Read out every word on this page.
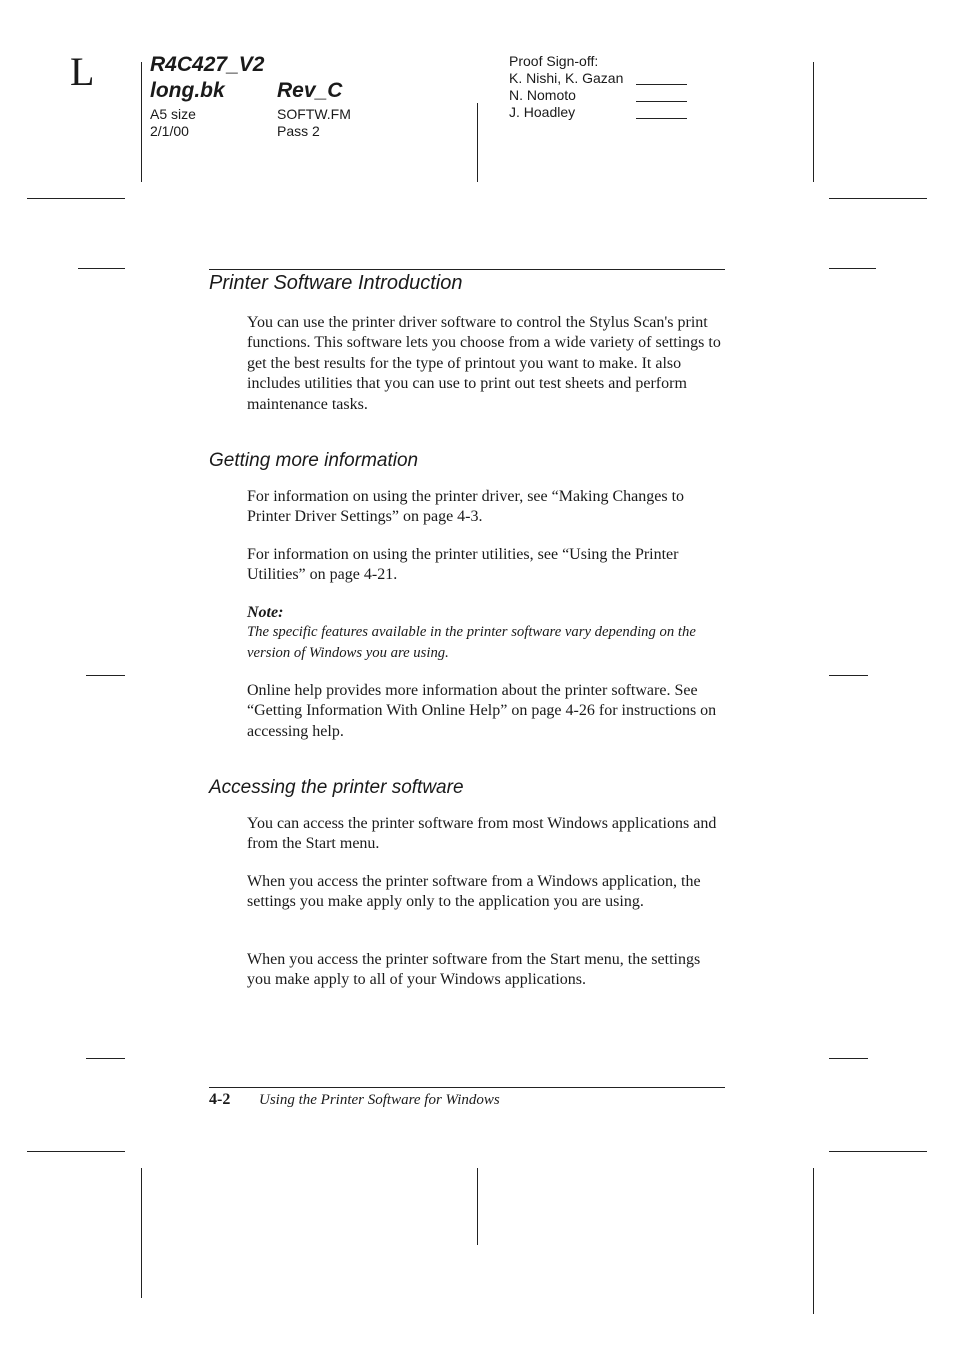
L	R4C427_V2
long.bk Rev_C
A5 size
2/1/00
SOFTW.FM
Pass 2
Proof Sign-off:
K. Nishi, K. Gazan
N. Nomoto
J. Hoadley
Printer Software Introduction
You can use the printer driver software to control the Stylus Scan's print functions. This software lets you choose from a wide variety of settings to get the best results for the type of printout you want to make. It also includes utilities that you can use to print out test sheets and perform maintenance tasks.
Getting more information
For information on using the printer driver, see “Making Changes to Printer Driver Settings” on page 4-3.
For information on using the printer utilities, see “Using the Printer Utilities” on page 4-21.
Note:
The specific features available in the printer software vary depending on the version of Windows you are using.
Online help provides more information about the printer software. See “Getting Information With Online Help” on page 4-26 for instructions on accessing help.
Accessing the printer software
You can access the printer software from most Windows applications and from the Start menu.
When you access the printer software from a Windows application, the settings you make apply only to the application you are using.
When you access the printer software from the Start menu, the settings you make apply to all of your Windows applications.
4-2 Using the Printer Software for Windows
